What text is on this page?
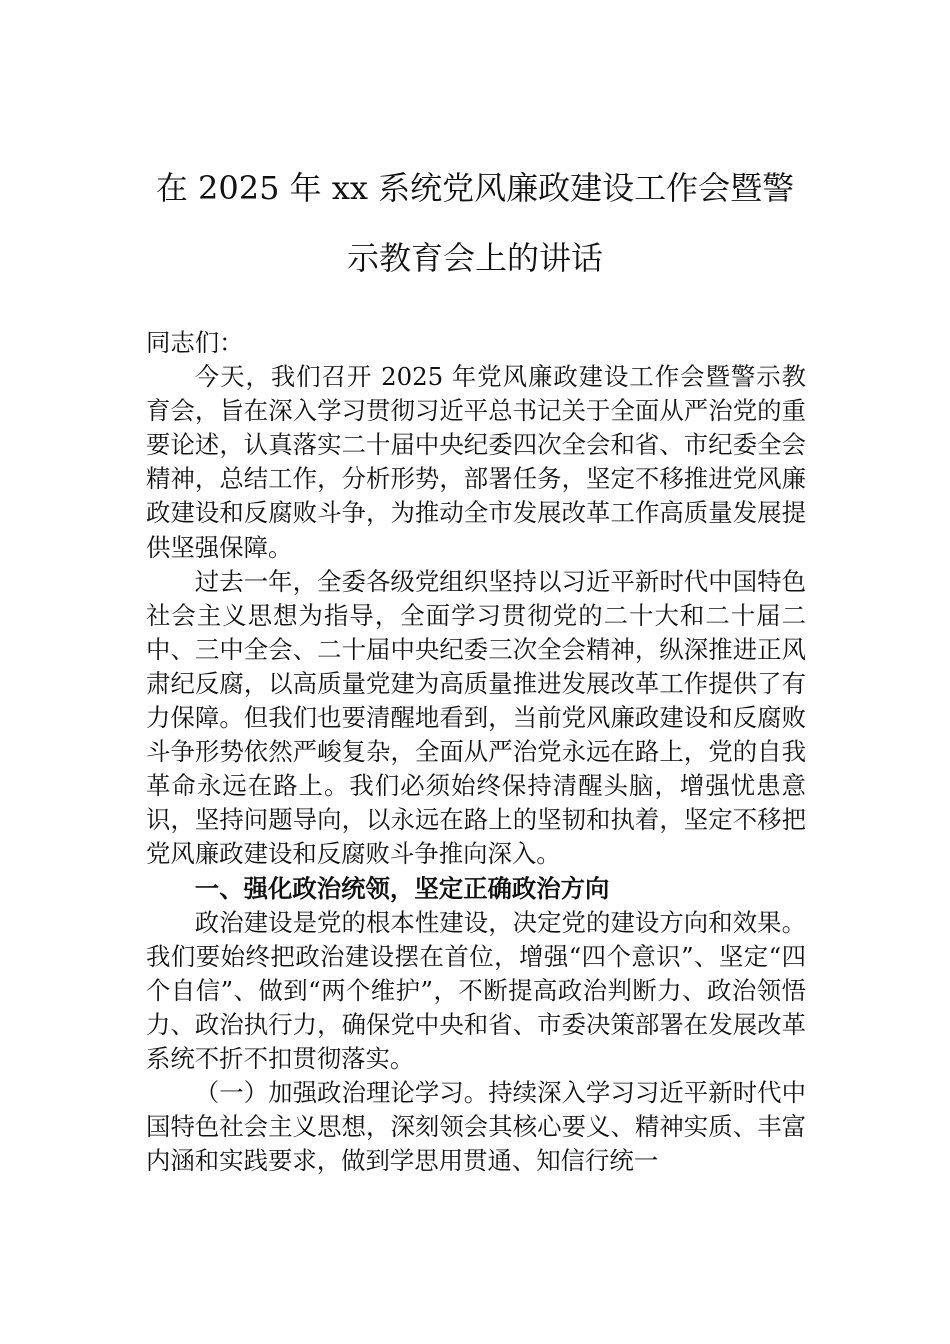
在 2025 年 xx 系统党风廉政建设工作会暨警
示教育会上的讲话

同志们：

今天，我们召开 2025 年党风廉政建设工作会暨警示教育会，旨在深入学习贯彻习近平总书记关于全面从严治党的重要论述，认真落实二十届中央纪委四次全会和省、市纪委全会精神，总结工作，分析形势，部署任务，坚定不移推进党风廉政建设和反腐败斗争，为推动全市发展改革工作高质量发展提供坚强保障。

过去一年，全委各级党组织坚持以习近平新时代中国特色社会主义思想为指导，全面学习贯彻党的二十大和二十届二中、三中全会、二十届中央纪委三次全会精神，纵深推进正风肃纪反腐，以高质量党建为高质量推进发展改革工作提供了有力保障。但我们也要清醒地看到，当前党风廉政建设和反腐败斗争形势依然严峻复杂，全面从严治党永远在路上，党的自我革命永远在路上。我们必须始终保持清醒头脑，增强忧患意识，坚持问题导向，以永远在路上的坚韧和执着，坚定不移把党风廉政建设和反腐败斗争推向深入。

一、强化政治统领，坚定正确政治方向

政治建设是党的根本性建设，决定党的建设方向和效果。我们要始终把政治建设摆在首位，增强“四个意识”、坚定“四个自信”、做到“两个维护”，不断提高政治判断力、政治领悟力、政治执行力，确保党中央和省、市委决策部署在发展改革系统不折不扣贯彻落实。

（一）加强政治理论学习。持续深入学习习近平新时代中国特色社会主义思想，深刻领会其核心要义、精神实质、丰富内涵和实践要求，做到学思用贯通、知信行统一
